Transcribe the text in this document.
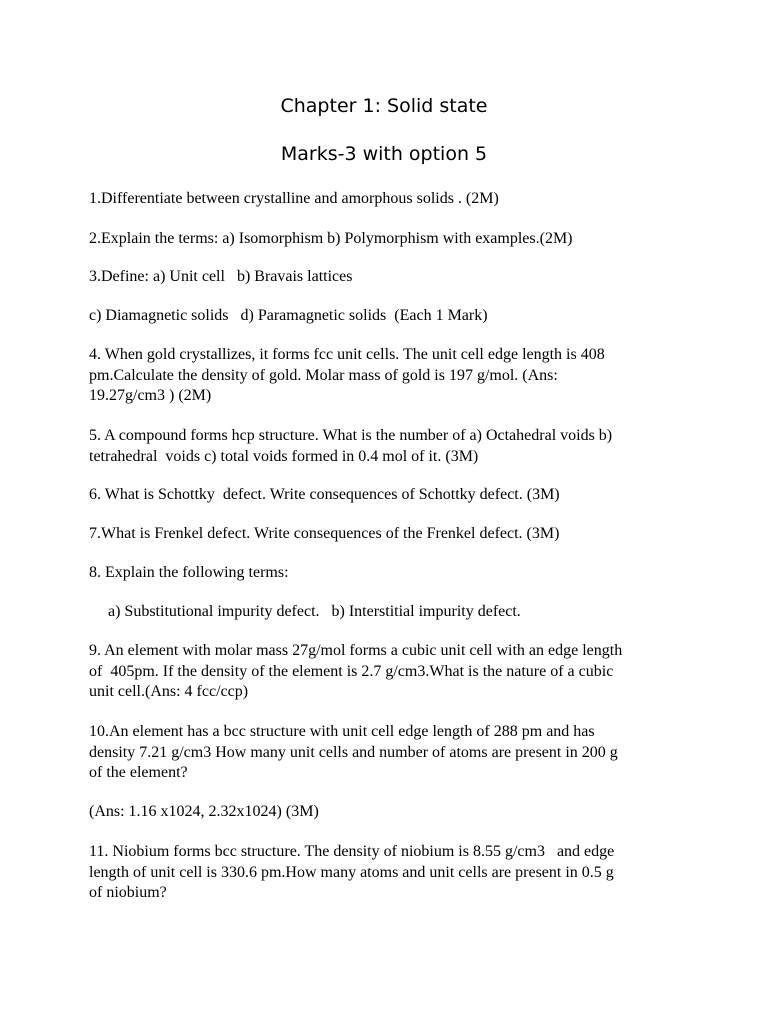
Chapter 1: Solid state
Marks-3 with option 5

1.Differentiate between crystalline and amorphous solids . (2M)

2.Explain the terms: a) Isomorphism b) Polymorphism with examples.(2M)

3.Define: a) Unit cell   b) Bravais lattices

c) Diamagnetic solids   d) Paramagnetic solids  (Each 1 Mark)

4. When gold crystallizes, it forms fcc unit cells. The unit cell edge length is 408

pm.Calculate the density of gold. Molar mass of gold is 197 g/mol. (Ans:

19.27g/cm3 ) (2M)

5. A compound forms hcp structure. What is the number of a) Octahedral voids b)

tetrahedral  voids c) total voids formed in 0.4 mol of it. (3M)

6. What is Schottky  defect. Write consequences of Schottky defect. (3M)

7.What is Frenkel defect. Write consequences of the Frenkel defect. (3M)

8. Explain the following terms:

a) Substitutional impurity defect.   b) Interstitial impurity defect.

9. An element with molar mass 27g/mol forms a cubic unit cell with an edge length

of  405pm. If the density of the element is 2.7 g/cm3.What is the nature of a cubic

unit cell.(Ans: 4 fcc/ccp)

10.An element has a bcc structure with unit cell edge length of 288 pm and has

density 7.21 g/cm3 How many unit cells and number of atoms are present in 200 g

of the element?

(Ans: 1.16 x1024, 2.32x1024) (3M)

11. Niobium forms bcc structure. The density of niobium is 8.55 g/cm3   and edge

length of unit cell is 330.6 pm.How many atoms and unit cells are present in 0.5 g

of niobium?
